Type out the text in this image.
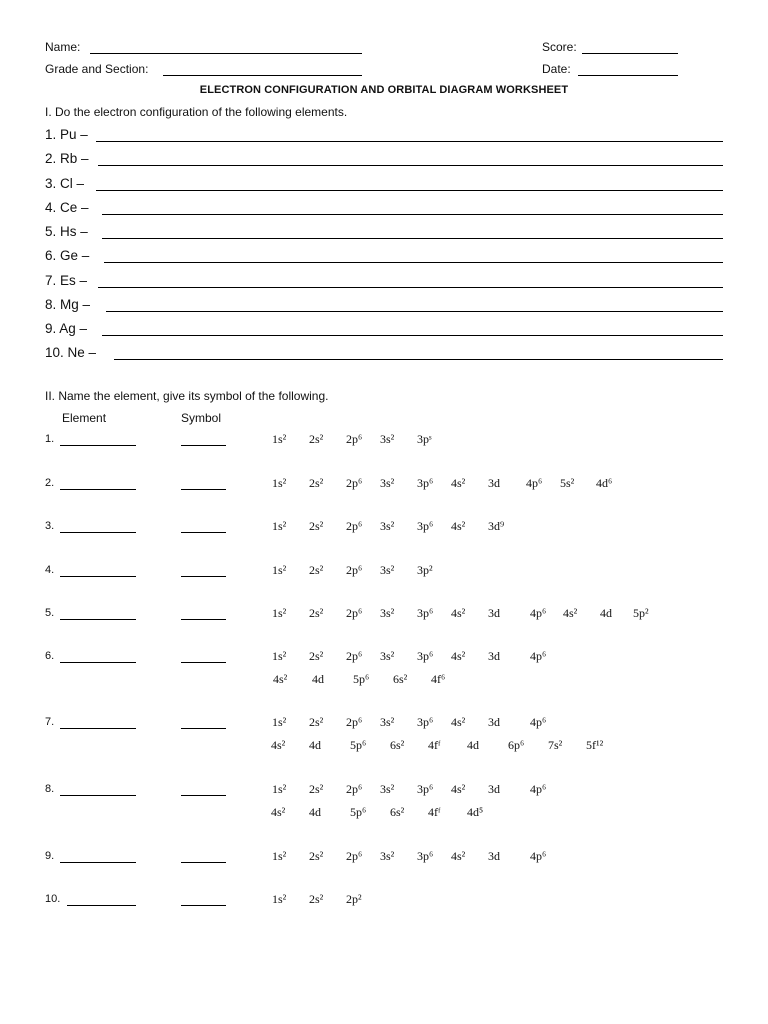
Name:	Score:
Grade and Section:	Date:
ELECTRON CONFIGURATION AND ORBITAL DIAGRAM WORKSHEET
I. Do the electron configuration of the following elements.
1. Pu –
2. Rb –
3. Cl –
4. Ce –
5. Hs –
6. Ge –
7. Es –
8. Mg –
9. Ag –
10. Ne –
II. Name the element, give its symbol of the following.
Element	Symbol
1.	1s² 2s² 2p⁶ 3s² 3pˢ
2.	1s² 2s² 2p⁶ 3s² 3p⁶ 4s² 3d 4p⁶ 5s² 4d⁶
3.	1s² 2s² 2p⁶ 3s² 3p⁶ 4s² 3d⁹
4.	1s² 2s² 2p⁶ 3s² 3p²
5.	1s² 2s² 2p⁶ 3s² 3p⁶ 4s² 3d	4p⁶ 4s² 4d 5p²
6.	1s² 2s² 2p⁶ 3s² 3p⁶ 4s² 3d	4p⁶
4s² 4d 5p⁶ 6s² 4f⁶
7.	1s² 2s² 2p⁶ 3s² 3p⁶ 4s² 3d	4p⁶
4s² 4d 5p⁶ 6s² 4fᶠ 4d 6p⁶ 7s² 5f¹²
8.	1s² 2s² 2p⁶ 3s² 3p⁶ 4s² 3d	4p⁶
4s² 4d 5p⁶ 6s² 4fᶠ 4d⁵
9.	1s² 2s² 2p⁶ 3s² 3p⁶ 4s² 3d	4p⁶
10.	1s² 2s² 2p²
